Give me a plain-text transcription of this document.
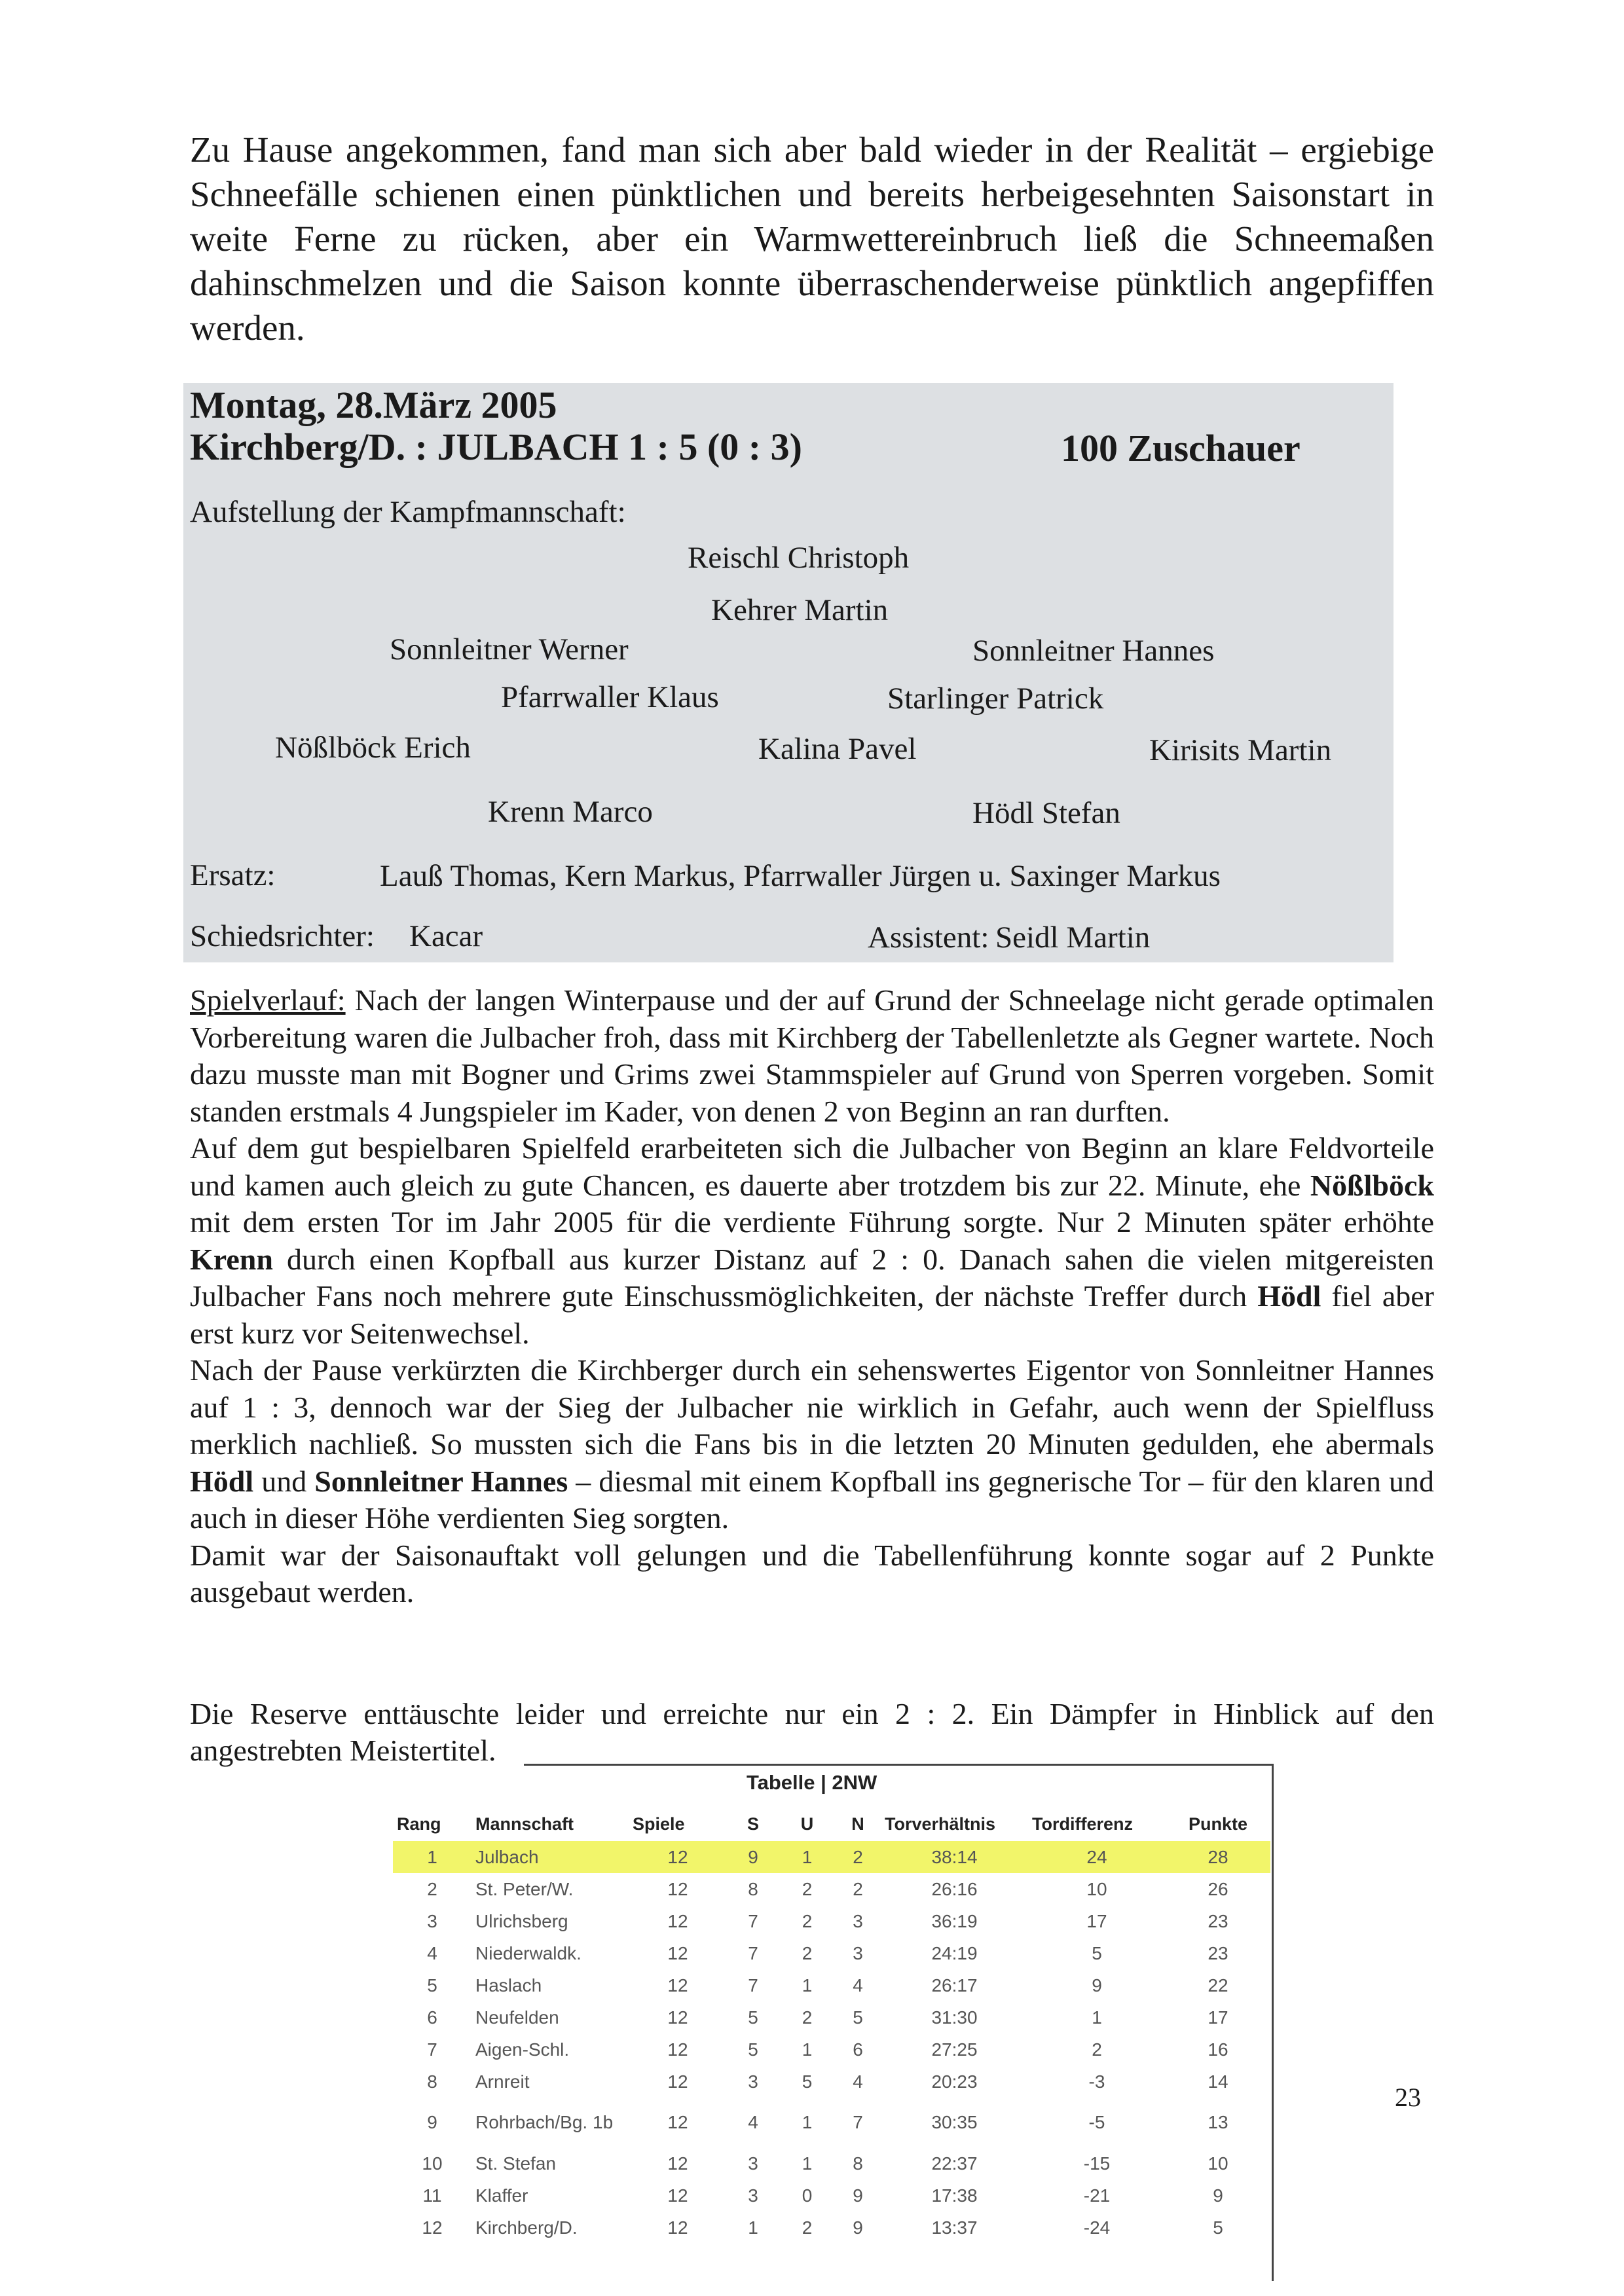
Zu Hause angekommen, fand man sich aber bald wieder in der Realität – ergiebige Schneefälle schienen einen pünktlichen und bereits herbeigesehnten Saisonstart in weite Ferne zu rücken, aber ein Warmwettereinbruch ließ die Schneemaßen dahinschmelzen und die Saison konnte überraschenderweise pünktlich angepfiffen werden.

Montag, 28.März 2005
Kirchberg/D. : JULBACH 1 : 5 (0 : 3)	100 Zuschauer
Aufstellung der Kampfmannschaft:
Reischl Christoph
Kehrer Martin
Sonnleitner Werner	Sonnleitner Hannes
Pfarrwaller Klaus	Starlinger Patrick
Nößlböck Erich	Kalina Pavel	Kirisits Martin
Krenn Marco	Hödl Stefan
Ersatz:	Lauß Thomas, Kern Markus, Pfarrwaller Jürgen u. Saxinger Markus
Schiedsrichter: Kacar	Assistent: Seidl Martin

Spielverlauf: Nach der langen Winterpause und der auf Grund der Schneelage nicht gerade optimalen Vorbereitung waren die Julbacher froh, dass mit Kirchberg der Tabellenletzte als Gegner wartete. Noch dazu musste man mit Bogner und Grims zwei Stammspieler auf Grund von Sperren vorgeben. Somit standen erstmals 4 Jungspieler im Kader, von denen 2 von Beginn an ran durften.

Auf dem gut bespielbaren Spielfeld erarbeiteten sich die Julbacher von Beginn an klare Feldvorteile und kamen auch gleich zu gute Chancen, es dauerte aber trotzdem bis zur 22. Minute, ehe Nößlböck mit dem ersten Tor im Jahr 2005 für die verdiente Führung sorgte. Nur 2 Minuten später erhöhte Krenn durch einen Kopfball aus kurzer Distanz auf 2 : 0. Danach sahen die vielen mitgereisten Julbacher Fans noch mehrere gute Einschussmöglichkeiten, der nächste Treffer durch Hödl fiel aber erst kurz vor Seitenwechsel.

Nach der Pause verkürzten die Kirchberger durch ein sehenswertes Eigentor von Sonnleitner Hannes auf 1 : 3, dennoch war der Sieg der Julbacher nie wirklich in Gefahr, auch wenn der Spielfluss merklich nachließ. So mussten sich die Fans bis in die letzten 20 Minuten gedulden, ehe abermals Hödl und Sonnleitner Hannes – diesmal mit einem Kopfball ins gegnerische Tor – für den klaren und auch in dieser Höhe verdienten Sieg sorgten.

Damit war der Saisonauftakt voll gelungen und die Tabellenführung konnte sogar auf 2 Punkte ausgebaut werden.

Die Reserve enttäuschte leider und erreichte nur ein 2 : 2. Ein Dämpfer in Hinblick auf den angestrebten Meistertitel.

Tabelle | 2NW
Rang	Mannschaft	Spiele	S	U	N	Torverhältnis	Tordifferenz	Punkte
1	Julbach	12	9	1	2	38:14	24	28
2	St. Peter/W.	12	8	2	2	26:16	10	26
3	Ulrichsberg	12	7	2	3	36:19	17	23
4	Niederwaldk.	12	7	2	3	24:19	5	23
5	Haslach	12	7	1	4	26:17	9	22
6	Neufelden	12	5	2	5	31:30	1	17
7	Aigen-Schl.	12	5	1	6	27:25	2	16
8	Arnreit	12	3	5	4	20:23	-3	14
9	Rohrbach/Bg. 1b	12	4	1	7	30:35	-5	13
10	St. Stefan	12	3	1	8	22:37	-15	10
11	Klaffer	12	3	0	9	17:38	-21	9
12	Kirchberg/D.	12	1	2	9	13:37	-24	5
23
